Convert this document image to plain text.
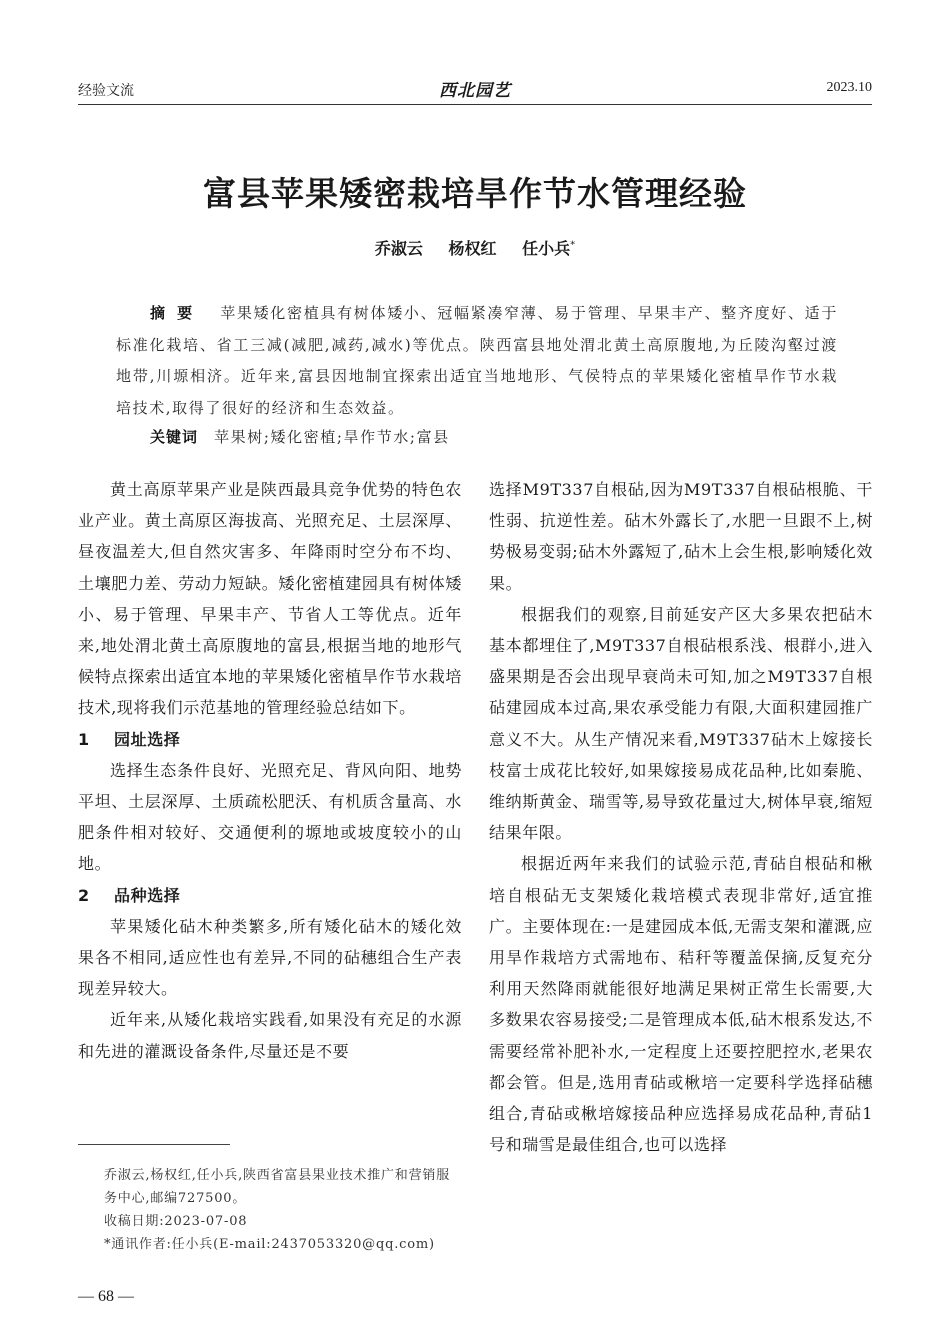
经验文流	西北园艺	2023.10
富县苹果矮密栽培旱作节水管理经验
乔淑云 杨权红 任小兵*
摘要 苹果矮化密植具有树体矮小、冠幅紧凑窄薄、易于管理、早果丰产、整齐度好、适于标准化栽培、省工三减(减肥,减药,减水)等优点。陕西富县地处渭北黄土高原腹地,为丘陵沟壑过渡地带,川塬相济。近年来,富县因地制宜探索出适宜当地地形、气侯特点的苹果矮化密植旱作节水栽培技术,取得了很好的经济和生态效益。
关键词 苹果树;矮化密植;旱作节水;富县

黄土高原苹果产业是陕西最具竞争优势的特色农业产业。黄土高原区海拔高、光照充足、土层深厚、昼夜温差大,但自然灾害多、年降雨时空分布不均、土壤肥力差、劳动力短缺。矮化密植建园具有树体矮小、易于管理、早果丰产、节省人工等优点。近年来,地处渭北黄土高原腹地的富县,根据当地的地形气候特点探索出适宜本地的苹果矮化密植旱作节水栽培技术,现将我们示范基地的管理经验总结如下。

1 园址选择

选择生态条件良好、光照充足、背风向阳、地势平坦、土层深厚、土质疏松肥沃、有机质含量高、水肥条件相对较好、交通便利的塬地或坡度较小的山地。

2 品种选择

苹果矮化砧木种类繁多,所有矮化砧木的矮化效果各不相同,适应性也有差异,不同的砧穗组合生产表现差异较大。

近年来,从矮化栽培实践看,如果没有充足的水源和先进的灌溉设备条件,尽量还是不要

选择M9T337自根砧,因为M9T337自根砧根脆、干性弱、抗逆性差。砧木外露长了,水肥一旦跟不上,树势极易变弱;砧木外露短了,砧木上会生根,影响矮化效果。

根据我们的观察,目前延安产区大多果农把砧木基本都埋住了,M9T337自根砧根系浅、根群小,进入盛果期是否会出现早衰尚未可知,加之M9T337自根砧建园成本过高,果农承受能力有限,大面积建园推广意义不大。从生产情况来看,M9T337砧木上嫁接长枝富士成花比较好,如果嫁接易成花品种,比如秦脆、维纳斯黄金、瑞雪等,易导致花量过大,树体早衰,缩短结果年限。

根据近两年来我们的试验示范,青砧自根砧和楸培自根砧无支架矮化栽培模式表现非常好,适宜推广。主要体现在:一是建园成本低,无需支架和灌溉,应用旱作栽培方式需地布、秸秆等覆盖保摘,反复充分利用天然降雨就能很好地满足果树正常生长需要,大多数果农容易接受;二是管理成本低,砧木根系发达,不需要经常补肥补水,一定程度上还要控肥控水,老果农都会管。但是,选用青砧或楸培一定要科学选择砧穗组合,青砧或楸培嫁接品种应选择易成花品种,青砧1号和瑞雪是最佳组合,也可以选择

乔淑云,杨权红,任小兵,陕西省富县果业技术推广和营销服务中心,邮编727500。
收稿日期:2023-07-08
*通讯作者:任小兵(E-mail:2437053320@qq.com)
— 68 —
